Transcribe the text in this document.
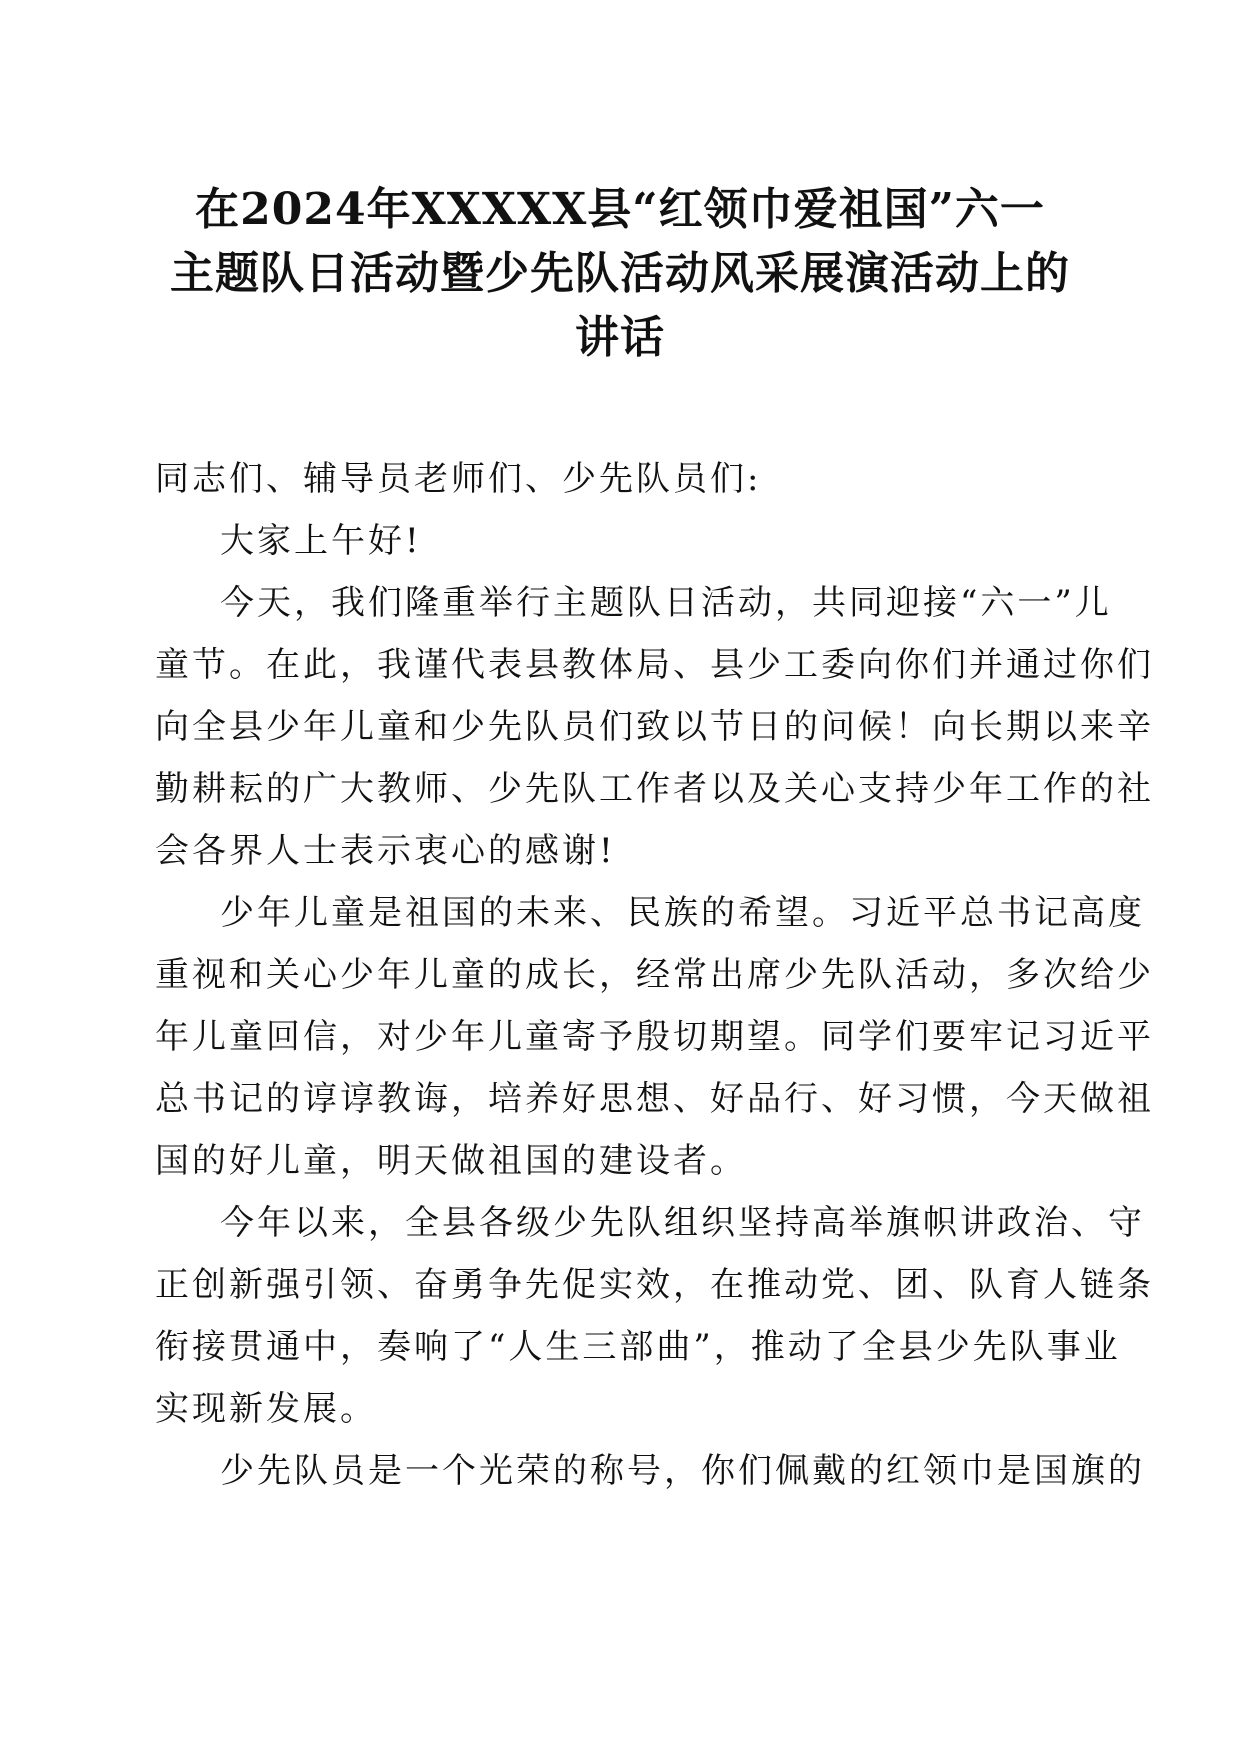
在2024年XXXXX县“红领巾爱祖国”六一
主题队日活动暨少先队活动风采展演活动上的
讲话
同志们、辅导员老师们、少先队员们:
大家上午好!
今天，我们隆重举行主题队日活动，共同迎接“六一”儿
童节。在此，我谨代表县教体局、县少工委向你们并通过你们
向全县少年儿童和少先队员们致以节日的问候！向长期以来辛
勤耕耘的广大教师、少先队工作者以及关心支持少年工作的社
会各界人士表示衷心的感谢!
少年儿童是祖国的未来、民族的希望。习近平总书记高度
重视和关心少年儿童的成长，经常出席少先队活动，多次给少
年儿童回信，对少年儿童寄予殷切期望。同学们要牢记习近平
总书记的谆谆教诲，培养好思想、好品行、好习惯，今天做祖
国的好儿童，明天做祖国的建设者。
今年以来，全县各级少先队组织坚持高举旗帜讲政治、守
正创新强引领、奋勇争先促实效，在推动党、团、队育人链条
衔接贯通中，奏响了“人生三部曲”，推动了全县少先队事业
实现新发展。
少先队员是一个光荣的称号，你们佩戴的红领巾是国旗的
